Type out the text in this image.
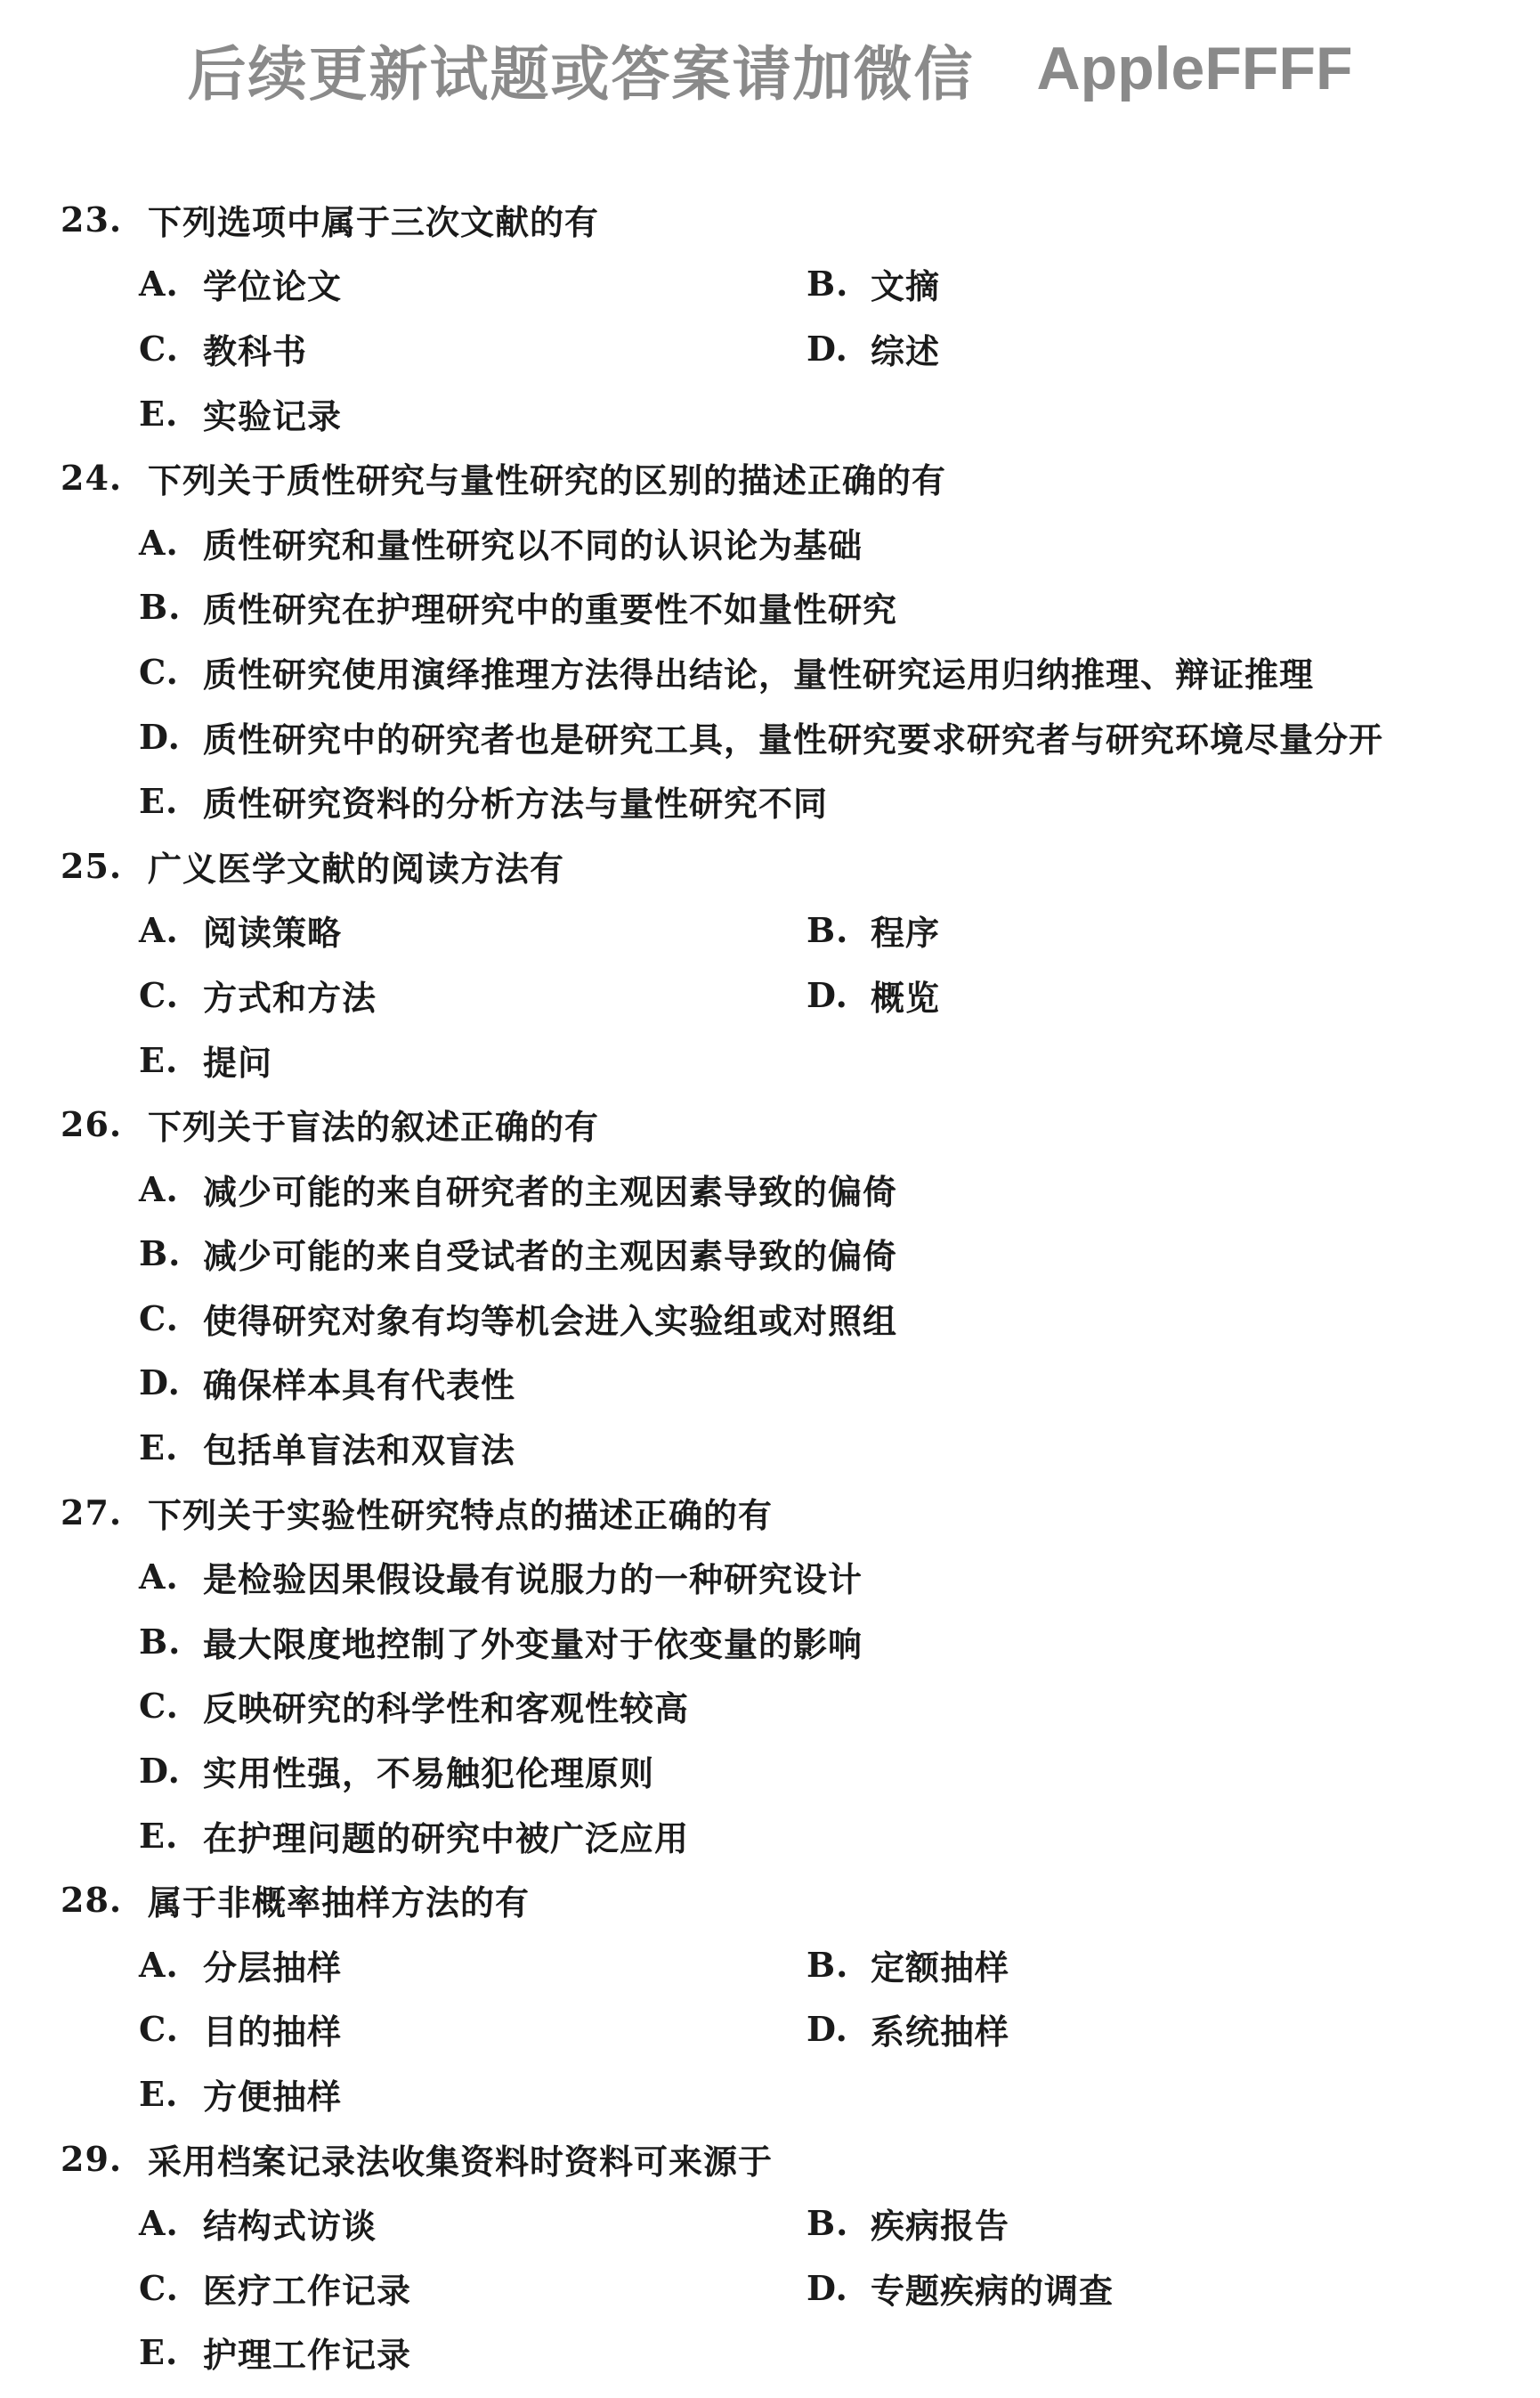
后续更新试题或答案请加微信 AppleFFFF
23. 下列选项中属于三次文献的有
A. 学位论文	B. 文摘
C. 教科书	D. 综述
E. 实验记录
24. 下列关于质性研究与量性研究的区别的描述正确的有
A. 质性研究和量性研究以不同的认识论为基础
B. 质性研究在护理研究中的重要性不如量性研究
C. 质性研究使用演绎推理方法得出结论，量性研究运用归纳推理、辩证推理
D. 质性研究中的研究者也是研究工具，量性研究要求研究者与研究环境尽量分开
E. 质性研究资料的分析方法与量性研究不同
25. 广义医学文献的阅读方法有
A. 阅读策略	B. 程序
C. 方式和方法	D. 概览
E. 提问
26. 下列关于盲法的叙述正确的有
A. 减少可能的来自研究者的主观因素导致的偏倚
B. 减少可能的来自受试者的主观因素导致的偏倚
C. 使得研究对象有均等机会进入实验组或对照组
D. 确保样本具有代表性
E. 包括单盲法和双盲法
27. 下列关于实验性研究特点的描述正确的有
A. 是检验因果假设最有说服力的一种研究设计
B. 最大限度地控制了外变量对于依变量的影响
C. 反映研究的科学性和客观性较高
D. 实用性强，不易触犯伦理原则
E. 在护理问题的研究中被广泛应用
28. 属于非概率抽样方法的有
A. 分层抽样	B. 定额抽样
C. 目的抽样	D. 系统抽样
E. 方便抽样
29. 采用档案记录法收集资料时资料可来源于
A. 结构式访谈	B. 疾病报告
C. 医疗工作记录	D. 专题疾病的调查
E. 护理工作记录
